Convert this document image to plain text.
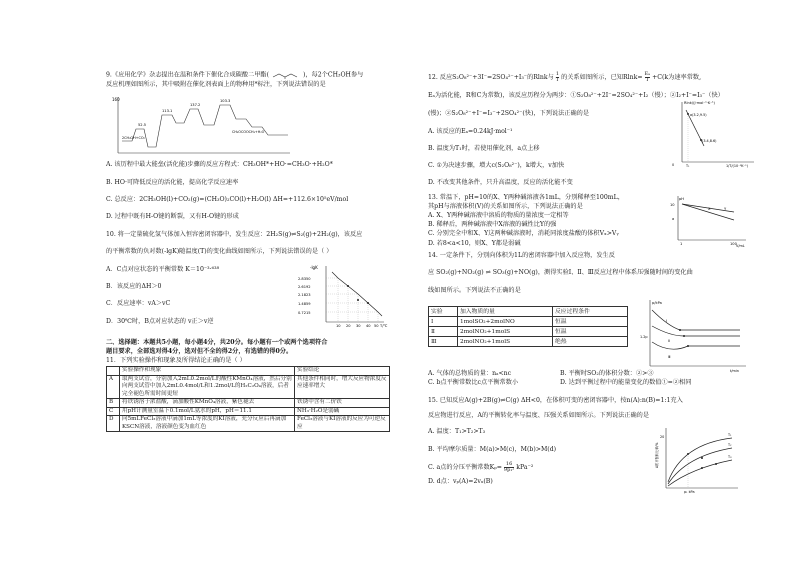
9.《应用化学》杂志提出在温和条件下催化合成碳酸二甲酯(	)，每2个CH₃OH参与
反应机理如图所示，其中吸附在催化剂表面上的物种用*标注，下列说法错误的是
160
52.5
113.1
137.2
103.3
2CH₃OH+CO₂
CH₃OCOOCH₃+H₂O
A. 该历程中最大能垒(活化能)步骤的反应方程式：CH₃OH*+HO·=CH₃O·+H₂O*
B. HO·可降低反应的活化能，提高化学反应速率
C. 总反应：2CH₃OH(l)+CO₂(g)=(CH₃O)₂CO(l)+H₂O(l) ΔH=+112.6×10⁵eV/mol
D. 过程中既有H-O键的断裂，又有H-O键的形成
10. 将一定量硫化氢气体加入恒容密闭容器中，发生反应：2H₂S(g)⇌S₂(g)+2H₂(g)，该反应
的平衡常数的负对数(-lgK)随温度(T)的变化曲线如图所示，下列说法错误的是（ ）
-lgK
2.8350
2.6192
2.1823
1.4859
0.7215
10 20 30 40 50 T/℃
A．C点对应状态的平衡常数 K＝10⁻³·⁶³⁸
B．该反应的ΔH＞0
C．反应速率：vA＞vC
D．30℃时，B点对应状态的 v正＞v逆
二、选择题：本题共5小题，每小题4分，共20分。每小题有一个或两个选项符合
题目要求，全部选对得4分，选对但不全的得2分，有选错的得0分。
11．下列实验操作和现象及所得结论正确的是（ ）
	实验操作和现象	实验结论
A	取两支试管，分别加入2mL0.2mol/L的酸性KMnO₄溶液，然后分别向两支试管中加入2mL0.4mol/L和1.2mol/L的H₂C₂O₄溶液，后者完全褪色所需时间更短	其他条件相同时，增大反应物浓度反应速率增大
B	将铁锈溶于浓盐酸，滴加酸性KMnO₄溶液，紫色褪去	铁锈中含有二价铁
C	用pH计测量室温下0.1mol/L氨水的pH，pH＝11.1	NH₃·H₂O是弱碱
D	向5mLFeCl₃溶液中滴加1mL等浓度的KI溶液，充分反应后再滴加KSCN溶液，溶液颜色变为血红色	FeCl₃溶液与KI溶液的反应为可逆反应
12. 反应S₂O₈²⁻+3I⁻=2SO₄²⁻+I₃⁻的Rlnk与 $\frac{1}{T}$ 的关系如图所示，已知$Rlnk= \frac{\text{Eₐ}}{T} +C(k$为速率常数,
Eₐ为活化能，R和C为常数)，该反应历程分为两步：①S₂O₈²⁻+2I⁻=2SO₄²⁻+I₂（慢）；②I₂+I⁻=I₃⁻（快）
(慢)；②S₂O₈²⁻+I⁻=I₃⁻+2SO₄²⁻(快)，下列说法正确的是
A. 该反应的Eₐ=0.24kJ·mol⁻¹
B. 温度为T₁时，若使用催化剂，a点上移
C. ①为决速步骤，增大c(S₂O₈²⁻)，k增大，v加快
D. 不改变其他条件，只升高温度，反应的活化能不变
Rlnk/(J·mol⁻¹·K⁻¹)
a(3.2,9.5)
(3.4,8.6)
0	T₁	1/T/(10⁻³K⁻¹)
13. 常温下，pH=10的X、Y两种碱溶液各1mL，分别稀释至100mL，
其pH与溶液体积(V)的关系如图所示，下列说法正确的是
A. X、Y两种碱溶液中溶质的物质的量浓度一定相等
B. 稀释后，两种碱溶液中X溶液的碱性比Y的强
C. 分别完全中和X、Y这两种碱溶液时，消耗同浓度盐酸的体积Vₓ>Vᵧ
D. 若8<a<10，则X、Y都是弱碱
pH
10
a
X	Y
1	100 V/mL
14. 一定条件下，分别向体积为1L的密闭容器中加入反应物，发生反
应 SO₂(g)+NO₂(g) ⇌ SO₃(g)+NO(g)，测得实验Ⅰ、Ⅱ、Ⅲ反应过程中体系压强随时间的变化曲
线如图所示。下列说法不正确的是
实验	加入物质的量	反应过程条件
Ⅰ	1molSO₂+2molNO	恒温
Ⅱ	2molNO₂+1molS	恒温
Ⅲ	2molNO₂+1molS	绝热
p/kPa
1.2p
Ⅰ
Ⅱ
Ⅲ
t/min
A. 气体的总物质的量：nₐ<nc	B. 平衡时SO₂的体积分数：②>③
C. b点平衡常数比c点平衡常数小	D. 达到平衡过程中的能量变化的数值①=②相同
15. 已知反应A(g)+2B(g)⇌C(g) ΔH<0，在体积可变的密闭容器中，按n(A):n(B)=1:1充入
反应物进行反应，A的平衡转化率与温度、压强关系如图所示。下列说法正确的是
A. 温度：T₁>T₂>T₃
B. 平均摩尔质量：M(a)>M(c)，M(b)>M(d)
C. a点的分压平衡常数$K_p= \frac{16}{\text{9p₁²}} kPa^{-2}$
D. d点：vₚ(A)=2vᵤ(B)
A的平衡转化率/%
20	T₁
T₂
T₃
p₁ kPa
